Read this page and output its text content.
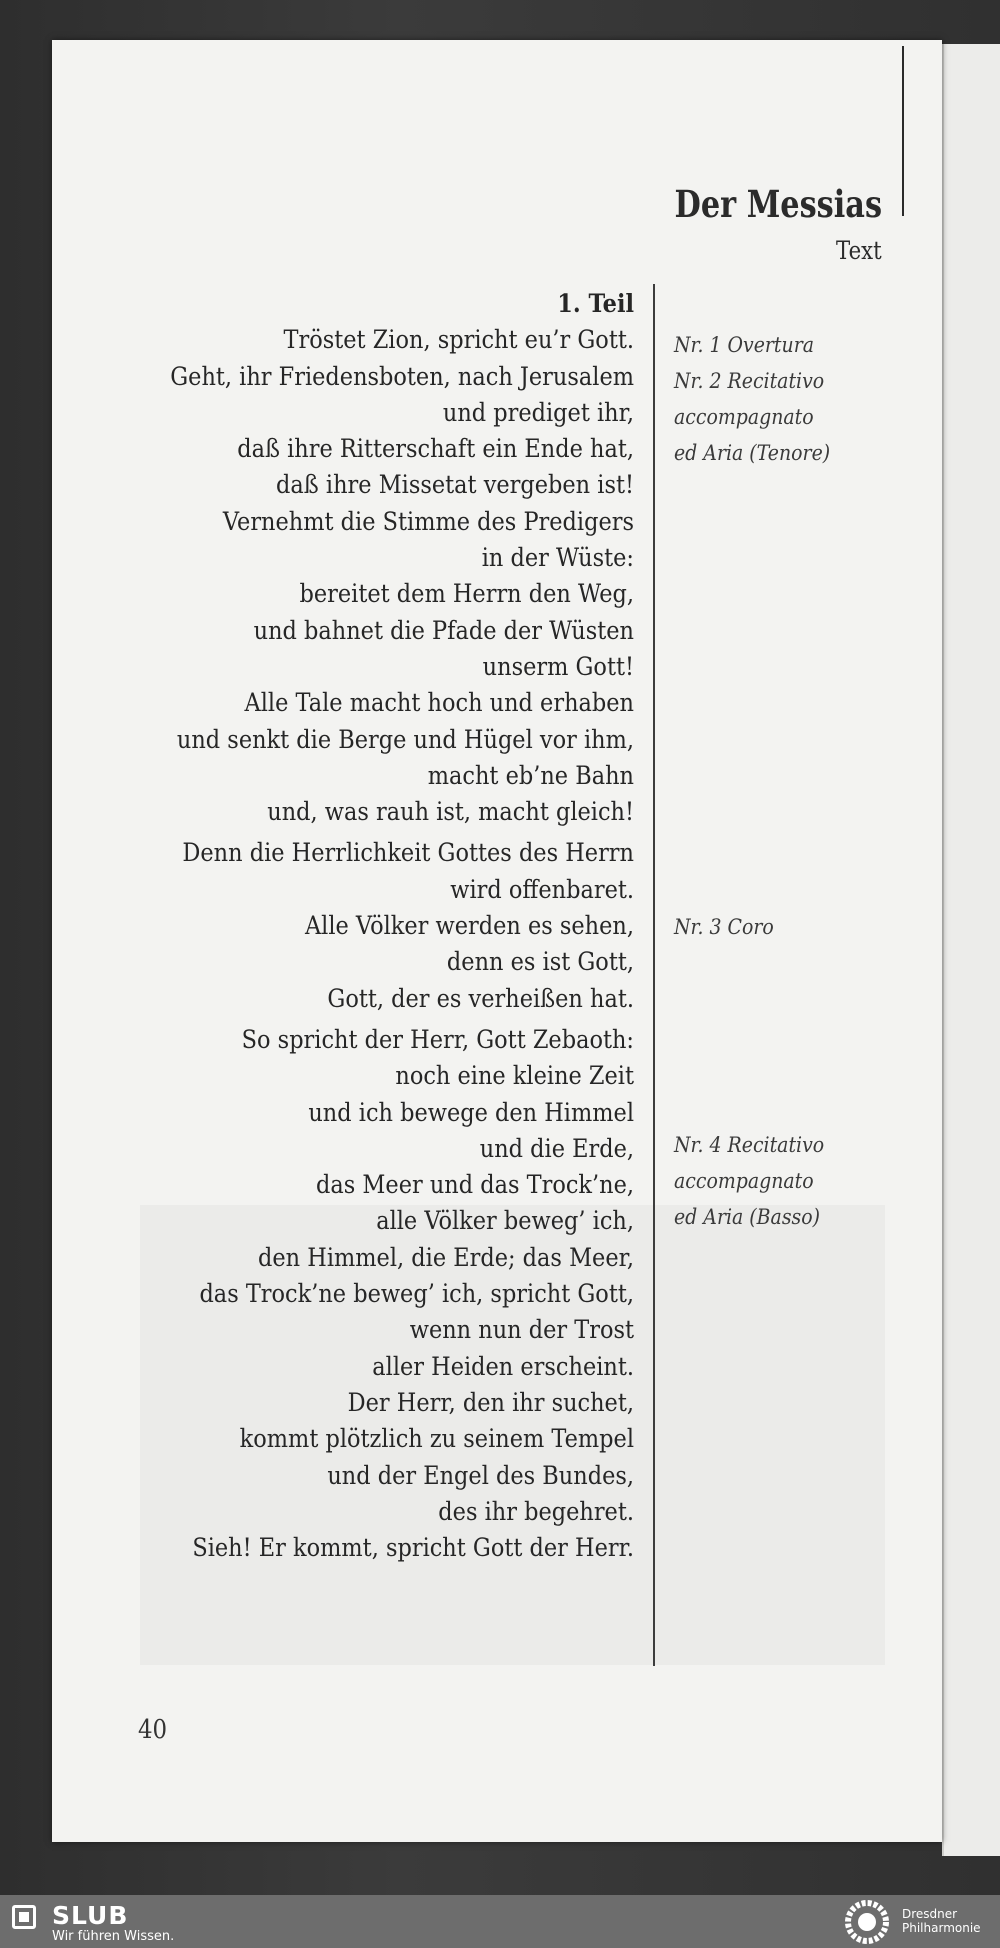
Der Messias
Text
1. Teil
Tröstet Zion, spricht eu’r Gott.
Geht, ihr Friedensboten, nach Jerusalem
und prediget ihr,
daß ihre Ritterschaft ein Ende hat,
daß ihre Missetat vergeben ist!
Vernehmt die Stimme des Predigers
in der Wüste:
bereitet dem Herrn den Weg,
und bahnet die Pfade der Wüsten
unserm Gott!
Alle Tale macht hoch und erhaben
und senkt die Berge und Hügel vor ihm,
macht eb’ne Bahn
und, was rauh ist, macht gleich!
Denn die Herrlichkeit Gottes des Herrn
wird offenbaret.
Alle Völker werden es sehen,
denn es ist Gott,
Gott, der es verheißen hat.
So spricht der Herr, Gott Zebaoth:
noch eine kleine Zeit
und ich bewege den Himmel
und die Erde,
das Meer und das Trock’ne,
alle Völker beweg’ ich,
den Himmel, die Erde; das Meer,
das Trock’ne beweg’ ich, spricht Gott,
wenn nun der Trost
aller Heiden erscheint.
Der Herr, den ihr suchet,
kommt plötzlich zu seinem Tempel
und der Engel des Bundes,
des ihr begehret.
Sieh! Er kommt, spricht Gott der Herr.
Nr. 1 Overtura
Nr. 2 Recitativo
accompagnato
ed Aria (Tenore)
Nr. 3 Coro
Nr. 4 Recitativo
accompagnato
ed Aria (Basso)
40
SLUB
Wir führen Wissen.
Dresdner
Philharmonie
